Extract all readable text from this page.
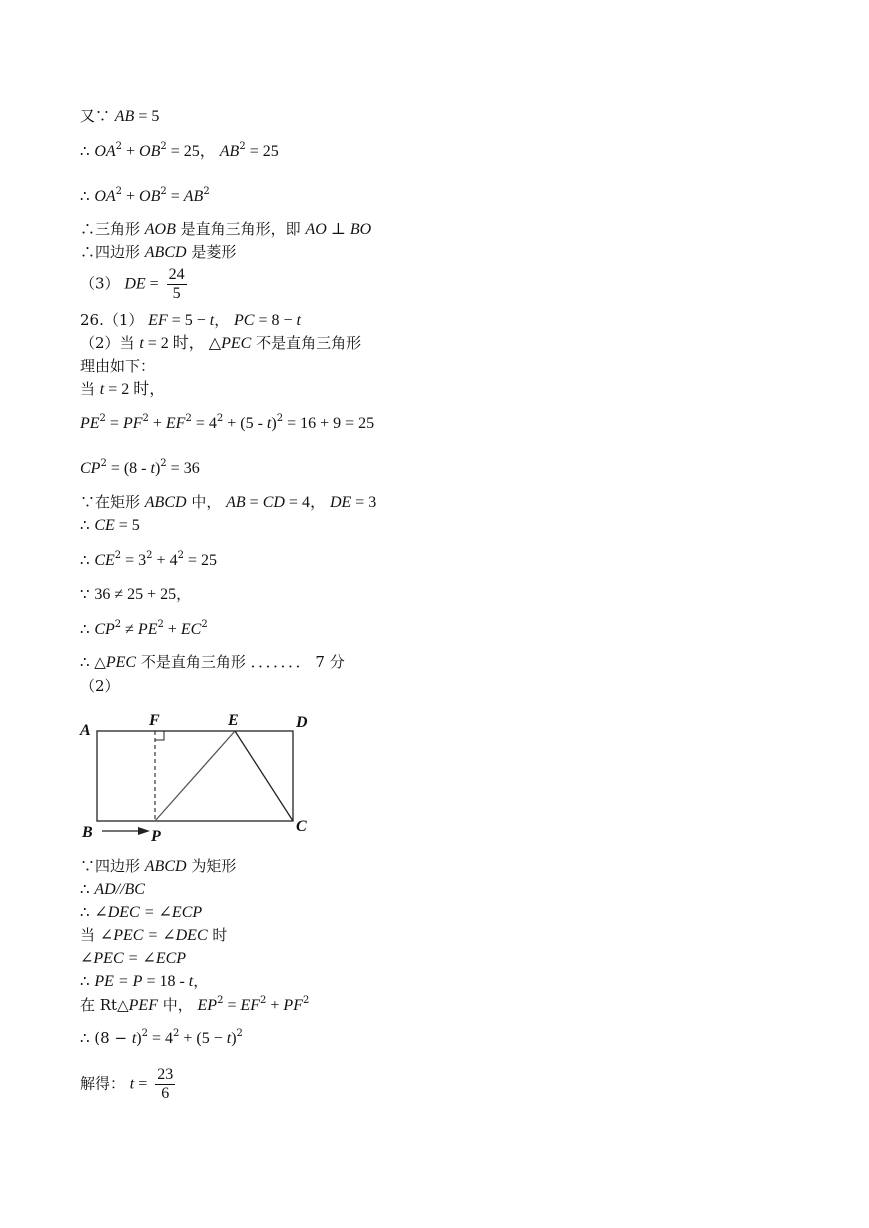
又∵ AB = 5
∴ $OA^2 + OB^2 = 25$， $AB^2 = 25$
∴ $OA^2 + OB^2 = AB^2$
∴三角形 AOB 是直角三角形，即 AO ⊥ BO
∴四边形 ABCD 是菱形
（3） DE = $\frac{24}{5}$
26.（1） EF = 5 − t， PC = 8 − t
（2）当 t = 2 时， △PEC 不是直角三角形
理由如下：
当 t = 2 时，
$PE^2 = PF^2 + EF^2 = 4^2 + (5 - t)^2 = 16 + 9 = 25$
$CP^2 = (8 - t)^2 = 36$
∵在矩形 ABCD 中， AB = CD = 4， DE = 3
∴ CE = 5
∴ $CE^2 = 3^2 + 4^2 = 25$
∵ 36 ≠ 25 + 25，
∴ $CP^2 \ne PE^2 + EC^2$
∴ △PEC 不是直角三角形 ．．．．．．． 7 分
（2）
A
F	E	D
B	P
C
∵四边形 ABCD 为矩形
∴ AD//BC
∴ ∠DEC = ∠ECP
当 ∠PEC = ∠DEC 时
∠PEC = ∠ECP
∴ PE = P = 18 - t，
在 Rt△PEF 中， $EP^2 = EF^2 + PF^2$
∴ $(8 - t)^2 = 4^2 + (5 - t)^2$
解得： $t = \frac{23}{6}$
